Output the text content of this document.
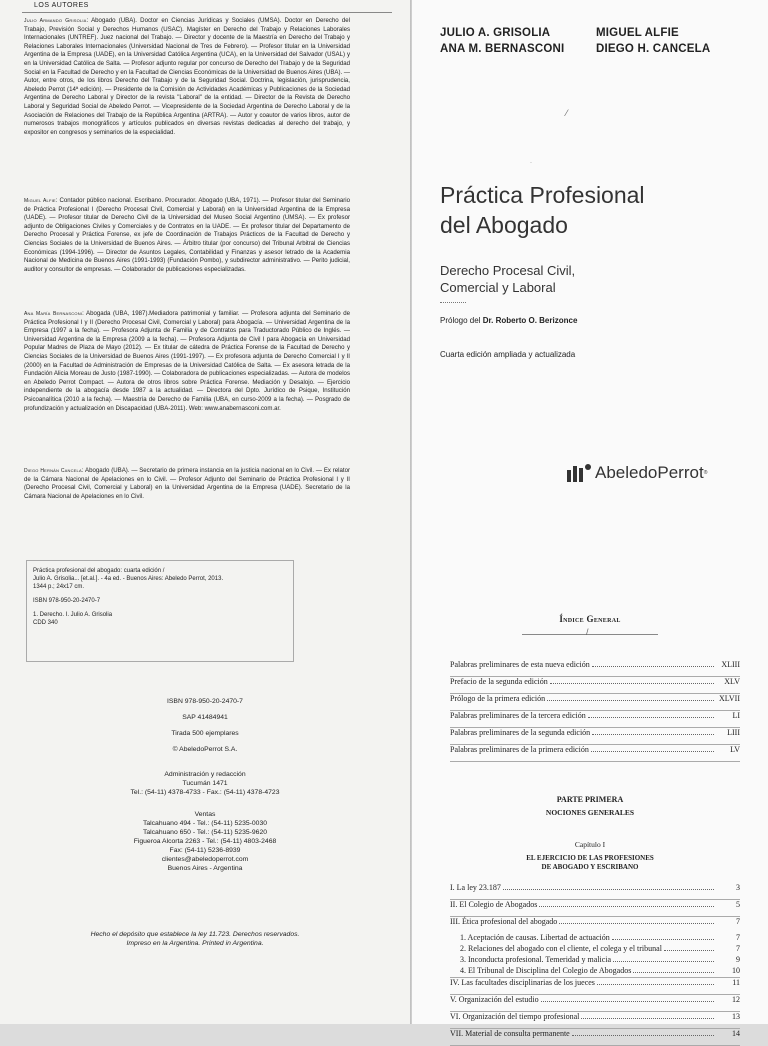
LOS AUTORES
Julio Armando Grisolia: Abogado (UBA). Doctor en Ciencias Jurídicas y Sociales (UMSA). Doctor en Derecho del Trabajo, Previsión Social y Derechos Humanos (USAC). Magíster en Derecho del Trabajo y Relaciones Laborales Internacionales (UNTREF). Juez nacional del Trabajo. — Director y docente de la Maestría en Derecho del Trabajo y Relaciones Laborales Internacionales (Universidad Nacional de Tres de Febrero). — Profesor titular en la Universidad Argentina de la Empresa (UADE), en la Universidad Católica Argentina (UCA), en la Universidad del Salvador (USAL) y en la Universidad Católica de Salta. — Profesor adjunto regular por concurso de Derecho del Trabajo y de la Seguridad Social en la Facultad de Derecho y en la Facultad de Ciencias Económicas de la Universidad de Buenos Aires (UBA). — Autor, entre otros, de los libros Derecho del Trabajo y de la Seguridad Social. Doctrina, legislación, jurisprudencia, Abeledo Perrot (14ª edición). — Presidente de la Comisión de Actividades Académicas y Publicaciones de la Sociedad Argentina de Derecho Laboral y Director de la revista "Laboral" de la entidad. — Director de la Revista de Derecho Laboral y Seguridad Social de Abeledo Perrot. — Vicepresidente de la Sociedad Argentina de Derecho Laboral y de la Asociación de Relaciones del Trabajo de la República Argentina (ARTRA). — Autor y coautor de varios libros, autor de numerosos trabajos monográficos y artículos publicados en diversas revistas dedicadas al derecho del trabajo, y expositor en congresos y seminarios de la especialidad.
Miguel Alfie: Contador público nacional. Escribano. Procurador. Abogado (UBA, 1971). — Profesor titular del Seminario de Práctica Profesional I (Derecho Procesal Civil, Comercial y Laboral) en la Universidad Argentina de la Empresa (UADE). — Profesor titular de Derecho Civil de la Universidad del Museo Social Argentino (UMSA). — Ex profesor adjunto de Obligaciones Civiles y Comerciales y de Contratos en la UADE. — Ex profesor titular del Departamento de Derecho Procesal y Práctica Forense, ex jefe de Coordinación de Trabajos Prácticos de la Facultad de Derecho y Ciencias Sociales de la Universidad de Buenos Aires. — Árbitro titular (por concurso) del Tribunal Arbitral de Ciencias Económicas (1994-1996). — Director de Asuntos Legales, Contabilidad y Finanzas y asesor letrado de la Academia Nacional de Medicina de Buenos Aires (1991-1993) (Fundación Pombo), y subdirector administrativo. — Perito judicial, auditor y consultor de empresas. — Colaborador de publicaciones especializadas.
Ana María Bernasconi: Abogada (UBA, 1987).Mediadora patrimonial y familiar. — Profesora adjunta del Seminario de Práctica Profesional I y II (Derecho Procesal Civil, Comercial y Laboral) para Abogacía. — Universidad Argentina de la Empresa (1997 a la fecha). — Profesora Adjunta de Familia y de Contratos para Traductorado Público de Inglés. — Universidad Argentina de la Empresa (2009 a la fecha). — Profesora Adjunta de Civil I para Abogacía en Universidad Popular Madres de Plaza de Mayo (2012). — Ex titular de cátedra de Práctica Forense de la Facultad de Derecho y Ciencias Sociales de la Universidad de Buenos Aires (1991-1997). — Ex profesora adjunta de Derecho Comercial I y II (2000) en la Facultad de Administración de Empresas de la Universidad Católica de Salta. — Ex asesora letrada de la Fundación Alicia Moreau de Justo (1987-1990). — Colaboradora de publicaciones especializadas. — Autora de modelos en Abeledo Perrot Compact. — Autora de otros libros sobre Práctica Forense. Mediación y Desalojo. — Ejercicio independiente de la abogacía desde 1987 a la actualidad. — Directora del Dpto. Jurídico de Psique, Institución Psicoanalítica (2010 a la fecha). — Maestría de Derecho de Familia (UBA, en curso-2009 a la fecha). — Posgrado de profundización y actualización en Discapacidad (UBA-2011). Web: www.anabernasconi.com.ar.
Diego Hernán Cancela: Abogado (UBA). — Secretario de primera instancia en la justicia nacional en lo Civil. — Ex relator de la Cámara Nacional de Apelaciones en lo Civil. — Profesor Adjunto del Seminario de Práctica Profesional I y II (Derecho Procesal Civil, Comercial y Laboral) en la Universidad Argentina de la Empresa (UADE). Secretario de la Cámara Nacional de Apelaciones en lo Civil.
Práctica profesional del abogado: cuarta edición /
Julio A. Grisolia... [et.al.]. - 4a ed. - Buenos Aires: Abeledo Perrot, 2013.
1344 p.; 24x17 cm.
ISBN 978-950-20-2470-7
1. Derecho. I. Julio A. Grisolia
CDD 340
ISBN 978-950-20-2470-7
SAP 41484941
Tirada 500 ejemplares
© AbeledoPerrot S.A.
Administración y redacción
Tucumán 1471
Tel.: (54-11) 4378-4733 - Fax.: (54-11) 4378-4723
Ventas
Talcahuano 494 - Tel.: (54-11) 5235-0030
Talcahuano 650 - Tel.: (54-11) 5235-9620
Figueroa Alcorta 2263 - Tel.: (54-11) 4803-2468
Fax: (54-11) 5236-8939
clientes@abeledoperrot.com
Buenos Aires - Argentina
Hecho el depósito que establece la ley 11.723. Derechos reservados.
Impreso en la Argentina. Printed in Argentina.
JULIO A. GRISOLIA
ANA M. BERNASCONI
MIGUEL ALFIE
DIEGO H. CANCELA
⁄
·
Práctica Profesional
del Abogado
Derecho Procesal Civil,
Comercial y Laboral
Prólogo del Dr. Roberto O. Berizonce
Cuarta edición ampliada y actualizada
AbeledoPerrot ®
Índice General
/
Palabras preliminares de esta nueva edición	XLIII
Prefacio de la segunda edición	XLV
Prólogo de la primera edición	XLVII
Palabras preliminares de la tercera edición	LI
Palabras preliminares de la segunda edición	LIII
Palabras preliminares de la primera edición	LV
PARTE PRIMERA
NOCIONES GENERALES
Capítulo I
EL EJERCICIO DE LAS PROFESIONES
DE ABOGADO Y ESCRIBANO
I. La ley 23.187	3
II. El Colegio de Abogados	5
III. Ética profesional del abogado	7
1. Aceptación de causas. Libertad de actuación	7
2. Relaciones del abogado con el cliente, el colega y el tribunal	7
3. Inconducta profesional. Temeridad y malicia	9
4. El Tribunal de Disciplina del Colegio de Abogados	10
IV. Las facultades disciplinarias de los jueces	11
V. Organización del estudio	12
VI. Organización del tiempo profesional	13
VII. Material de consulta permanente	14
